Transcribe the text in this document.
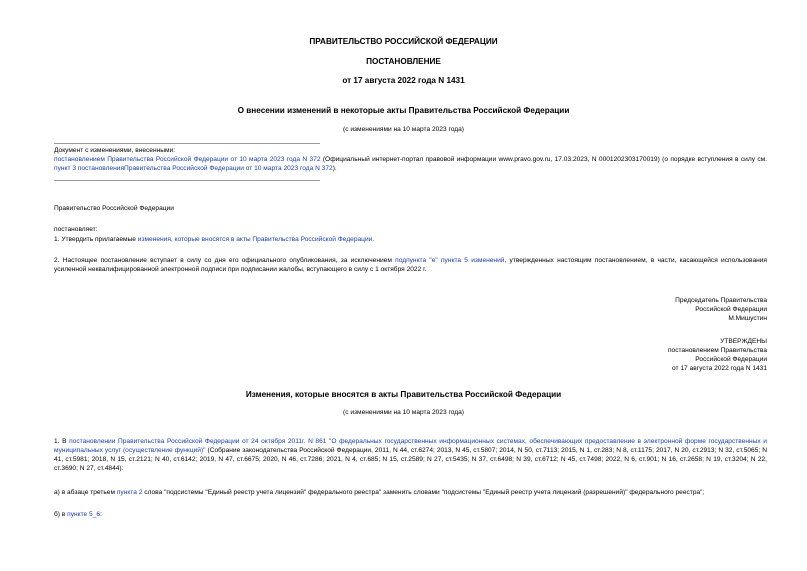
ПРАВИТЕЛЬСТВО РОССИЙСКОЙ ФЕДЕРАЦИИ
ПОСТАНОВЛЕНИЕ
от 17 августа 2022 года N 1431
О внесении изменений в некоторые акты Правительства Российской Федерации
(с изменениями на 10 марта 2023 года)
Документ с изменениями, внесенными:
постановлением Правительства Российской Федерации от 10 марта 2023 года N 372 (Официальный интернет-портал правовой информации www.pravo.gov.ru, 17.03.2023, N 0001202303170019) (о порядке вступления в силу см. пункт 3 постановленияПравительства Российской Федерации от 10 марта 2023 года N 372).
Правительство Российской Федерации
постановляет:
1. Утвердить прилагаемые изменения, которые вносятся в акты Правительства Российской Федерации.
2. Настоящее постановление вступает в силу со дня его официального опубликования, за исключением подпункта "е" пункта 5 изменений, утвержденных настоящим постановлением, в части, касающейся использования усиленной неквалифицированной электронной подписи при подписании жалобы, вступающего в силу с 1 октября 2022 г.
Председатель Правительства
Российской Федерации
М.Мишустин
УТВЕРЖДЕНЫ
постановлением Правительства
Российской Федерации
от 17 августа 2022 года N 1431
Изменения, которые вносятся в акты Правительства Российской Федерации
(с изменениями на 10 марта 2023 года)
1. В постановлении Правительства Российской Федерации от 24 октября 2011г. N 861 "О федеральных государственных информационных системах, обеспечивающих предоставление в электронной форме государственных и муниципальных услуг (осуществление функций)" (Собрание законодательства Российской Федерации, 2011, N 44, ст.6274; 2013, N 45, ст.5807; 2014, N 50, ст.7113; 2015, N 1, ст.283; N 8, ст.1175; 2017, N 20, ст.2913; N 32, ст.5065; N 41, ст.5981; 2018, N 15, ст.2121; N 40, ст.6142; 2019, N 47, ст.6675; 2020, N 46, ст.7286; 2021, N 4, ст.685; N 15, ст.2589; N 27, ст.5435; N 37, ст.6498; N 39, ст.6712; N 45, ст.7498; 2022, N 6, ст.901; N 16, ст.2658; N 19, ст.3204; N 22, ст.3690; N 27, ст.4844):
а) в абзаце третьем пункта 2 слова "подсистемы "Единый реестр учета лицензий" федерального реестра" заменить словами "подсистемы "Единый реестр учета лицензий (разрешений)" федерального реестра";
б) в пункте 5_6:
